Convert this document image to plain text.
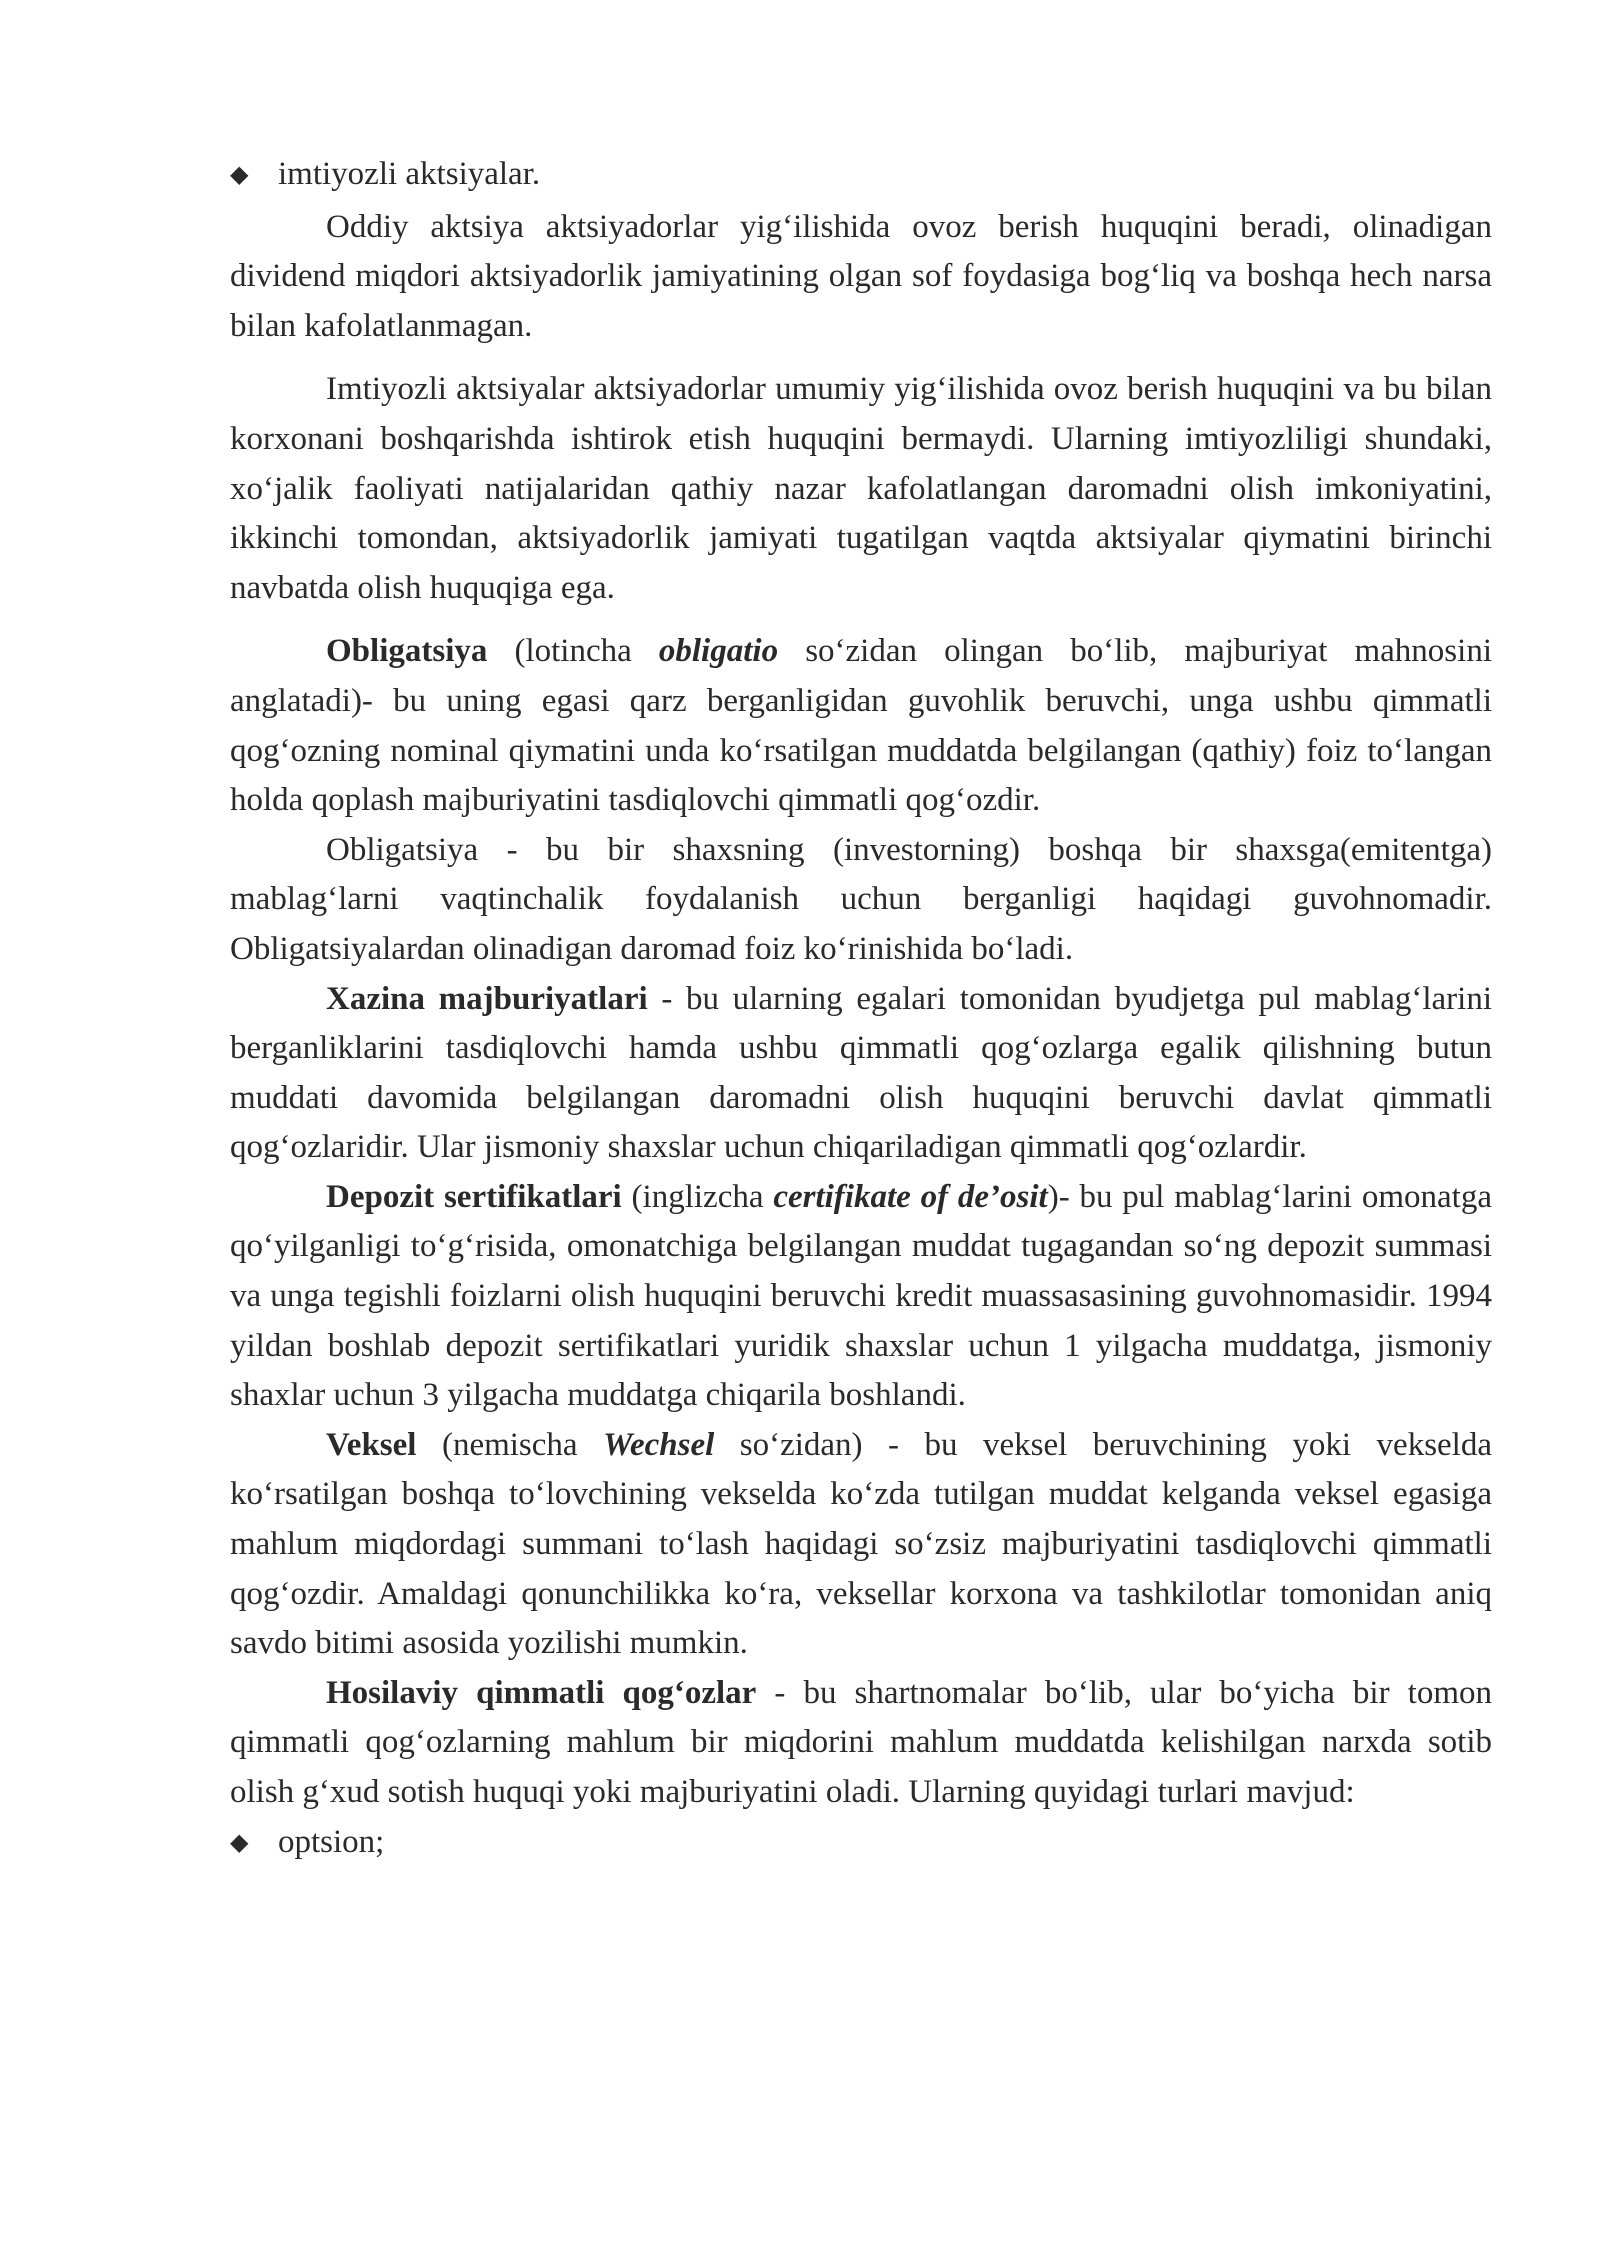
◆ imtiyozli aktsiyalar.

Oddiy aktsiya aktsiyadorlar yig‘ilishida ovoz berish huquqini beradi, olinadigan dividend miqdori aktsiyadorlik jamiyatining olgan sof foydasiga bog‘liq va boshqa hech narsa bilan kafolatlanmagan.

Imtiyozli aktsiyalar aktsiyadorlar umumiy yig‘ilishida ovoz berish huquqini va bu bilan korxonani boshqarishda ishtirok etish huquqini bermaydi. Ularning imtiyozliligi shundaki, xo‘jalik faoliyati natijalaridan qathiy nazar kafolatlangan daromadni olish imkoniyatini, ikkinchi tomondan, aktsiyadorlik jamiyati tugatilgan vaqtda aktsiyalar qiymatini birinchi navbatda olish huquqiga ega.

Obligatsiya (lotincha obligatio so‘zidan olingan bo‘lib, majburiyat mahnosini anglatadi)- bu uning egasi qarz berganligidan guvohlik beruvchi, unga ushbu qimmatli qog‘ozning nominal qiymatini unda ko‘rsatilgan muddatda belgilangan (qathiy) foiz to‘langan holda qoplash majburiyatini tasdiqlovchi qimmatli qog‘ozdir.

Obligatsiya - bu bir shaxsning (investorning) boshqa bir shaxsga(emitentga) mablag‘larni vaqtinchalik foydalanish uchun berganligi haqidagi guvohnomadir. Obligatsiyalardan olinadigan daromad foiz ko‘rinishida bo‘ladi.

Xazina majburiyatlari - bu ularning egalari tomonidan byudjetga pul mablag‘larini berganliklarini tasdiqlovchi hamda ushbu qimmatli qog‘ozlarga egalik qilishning butun muddati davomida belgilangan daromadni olish huquqini beruvchi davlat qimmatli qog‘ozlaridir. Ular jismoniy shaxslar uchun chiqariladigan qimmatli qog‘ozlardir.

Depozit sertifikatlari (inglizcha certifikate of de’osit)- bu pul mablag‘larini omonatga qo‘yilganligi to‘g‘risida, omonatchiga belgilangan muddat tugagandan so‘ng depozit summasi va unga tegishli foizlarni olish huquqini beruvchi kredit muassasasining guvohnomasidir. 1994 yildan boshlab depozit sertifikatlari yuridik shaxslar uchun 1 yilgacha muddatga, jismoniy shaxlar uchun 3 yilgacha muddatga chiqarila boshlandi.

Veksel (nemischa Wechsel so‘zidan) - bu veksel beruvchining yoki vekselda ko‘rsatilgan boshqa to‘lovchining vekselda ko‘zda tutilgan muddat kelganda veksel egasiga mahlum miqdordagi summani to‘lash haqidagi so‘zsiz majburiyatini tasdiqlovchi qimmatli qog‘ozdir. Amaldagi qonunchilikka ko‘ra, veksellar korxona va tashkilotlar tomonidan aniq savdo bitimi asosida yozilishi mumkin.

Hosilaviy qimmatli qog‘ozlar - bu shartnomalar bo‘lib, ular bo‘yicha bir tomon qimmatli qog‘ozlarning mahlum bir miqdorini mahlum muddatda kelishilgan narxda sotib olish g‘xud sotish huquqi yoki majburiyatini oladi. Ularning quyidagi turlari mavjud:

◆ optsion;
